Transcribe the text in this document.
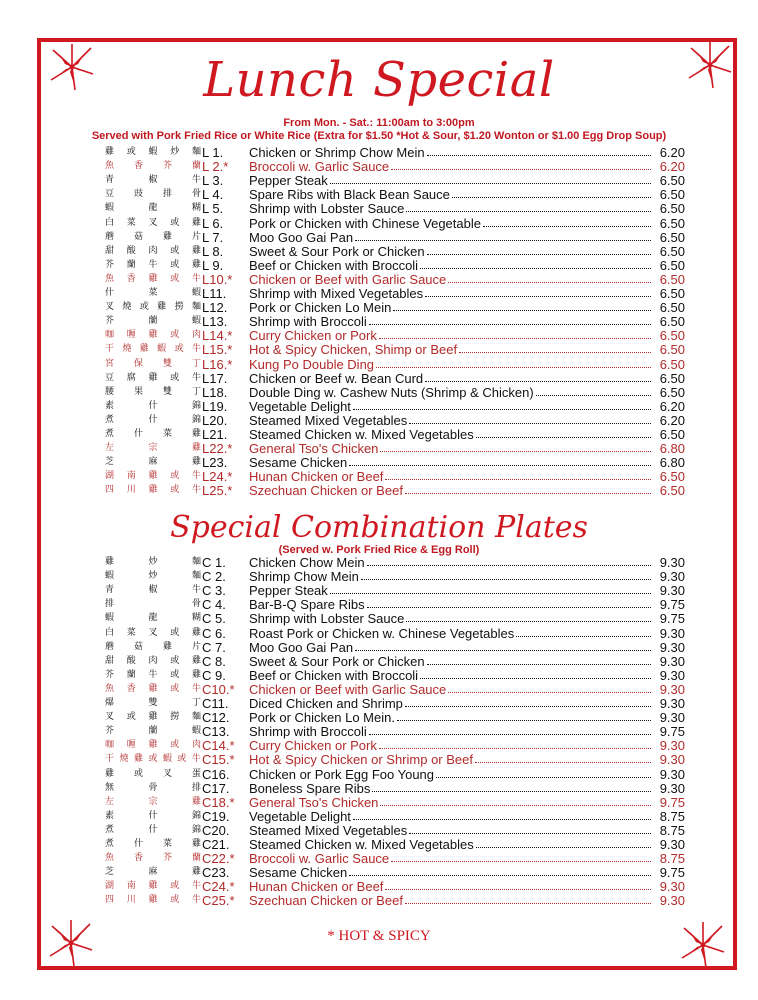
Lunch Special
From Mon. - Sat.: 11:00am to 3:00pm
Served with Pork Fried Rice or White Rice (Extra for $1.50 *Hot & Sour, $1.20 Wonton or $1.00 Egg Drop Soup)
雞 或 蝦 炒 麵 L 1.	Chicken or Shrimp Chow Mein	6.20
魚 香 芥 蘭 L 2.*	Broccoli w. Garlic Sauce	6.20
青	椒	牛 L 3.	Pepper Steak	6.50
豆 豉 排 骨 L 4.	Spare Ribs with Black Bean Sauce	6.50
蝦	龍	糊 L 5.	Shrimp with Lobster Sauce	6.50
白 菜 叉 或 雞 L 6.	Pork or Chicken with Chinese Vegetable	6.50
蘑 菇 雞 片 L 7.	Moo Goo Gai Pan	6.50
甜 酸 肉 或 雞 L 8.	Sweet & Sour Pork or Chicken	6.50
芥 蘭 牛 或 雞 L 9.	Beef or Chicken with Broccoli	6.50
魚 香 雞 或 牛 L10.*	Chicken or Beef with Garlic Sauce	6.50
什	菜	蝦 L11.	Shrimp with Mixed Vegetables	6.50
叉 燒 或 雞 撈 麵 L12.	Pork or Chicken Lo Mein	6.50
芥	蘭	蝦 L13.	Shrimp with Broccoli	6.50
咖 喱 雞 或 肉 L14.*	Curry Chicken or Pork	6.50
干 燒 雞 蝦 或 牛 L15.*	Hot & Spicy Chicken, Shimp or Beef	6.50
宮 保 雙 丁 L16.*	Kung Po Double Ding	6.50
豆 腐 雞 或 牛 L17.	Chicken or Beef w. Bean Curd	6.50
腰 果 雙 丁 L18.	Double Ding w. Cashew Nuts (Shrimp & Chicken)	6.50
素	什	錦 L19.	Vegetable Delight	6.20
煮	什	錦 L20.	Steamed Mixed Vegetables	6.20
煮 什 菜 雞 L21.	Steamed Chicken w. Mixed Vegetables	6.50
左	宗	雞 L22.*	General Tso's Chicken	6.80
芝	麻	雞 L23.	Sesame Chicken	6.80
湖 南 雞 或 牛 L24.*	Hunan Chicken or Beef	6.50
四 川 雞 或 牛 L25.*	Szechuan Chicken or Beef	6.50
Special Combination Plates
(Served w. Pork Fried Rice & Egg Roll)
雞	炒	麵 C 1.	Chicken Chow Mein	9.30
蝦	炒	麵 C 2.	Shrimp Chow Mein	9.30
青	椒	牛 C 3.	Pepper Steak	9.30
排	骨 C 4.	Bar-B-Q Spare Ribs	9.75
蝦	龍	糊 C 5.	Shrimp with Lobster Sauce	9.75
白 菜 叉 或 雞 C 6.	Roast Pork or Chicken w. Chinese Vegetables	9.30
蘑 菇 雞 片 C 7.	Moo Goo Gai Pan	9.30
甜 酸 肉 或 雞 C 8.	Sweet & Sour Pork or Chicken	9.30
芥 蘭 牛 或 雞 C 9.	Beef or Chicken with Broccoli	9.30
魚 香 雞 或 牛 C10.*	Chicken or Beef with Garlic Sauce	9.30
爆	雙	丁 C11.	Diced Chicken and Shrimp	9.30
叉 或 雞 撈 麵 C12.	Pork or Chicken Lo Mein.	9.30
芥	蘭	蝦 C13.	Shrimp with Broccoli	9.75
咖 喱 雞 或 肉 C14.*	Curry Chicken or Pork	9.30
干 燒 雞 或 蝦 或 牛 C15.*	Hot & Spicy Chicken or Shrimp or Beef	9.30
雞 或 叉 蛋 C16.	Chicken or Pork Egg Foo Young	9.30
無	骨	排 C17.	Boneless Spare Ribs	9.30
左	宗	雞 C18.*	General Tso's Chicken	9.75
素	什	錦 C19.	Vegetable Delight	8.75
煮	什	錦 C20.	Steamed Mixed Vegetables	8.75
煮 什 菜 雞 C21.	Steamed Chicken w. Mixed Vegetables	9.30
魚 香 芥 蘭 C22.*	Broccoli w. Garlic Sauce	8.75
芝	麻	雞 C23.	Sesame Chicken	9.75
湖 南 雞 或 牛 C24.*	Hunan Chicken or Beef	9.30
四 川 雞 或 牛 C25.*	Szechuan Chicken or Beef	9.30
* HOT & SPICY
